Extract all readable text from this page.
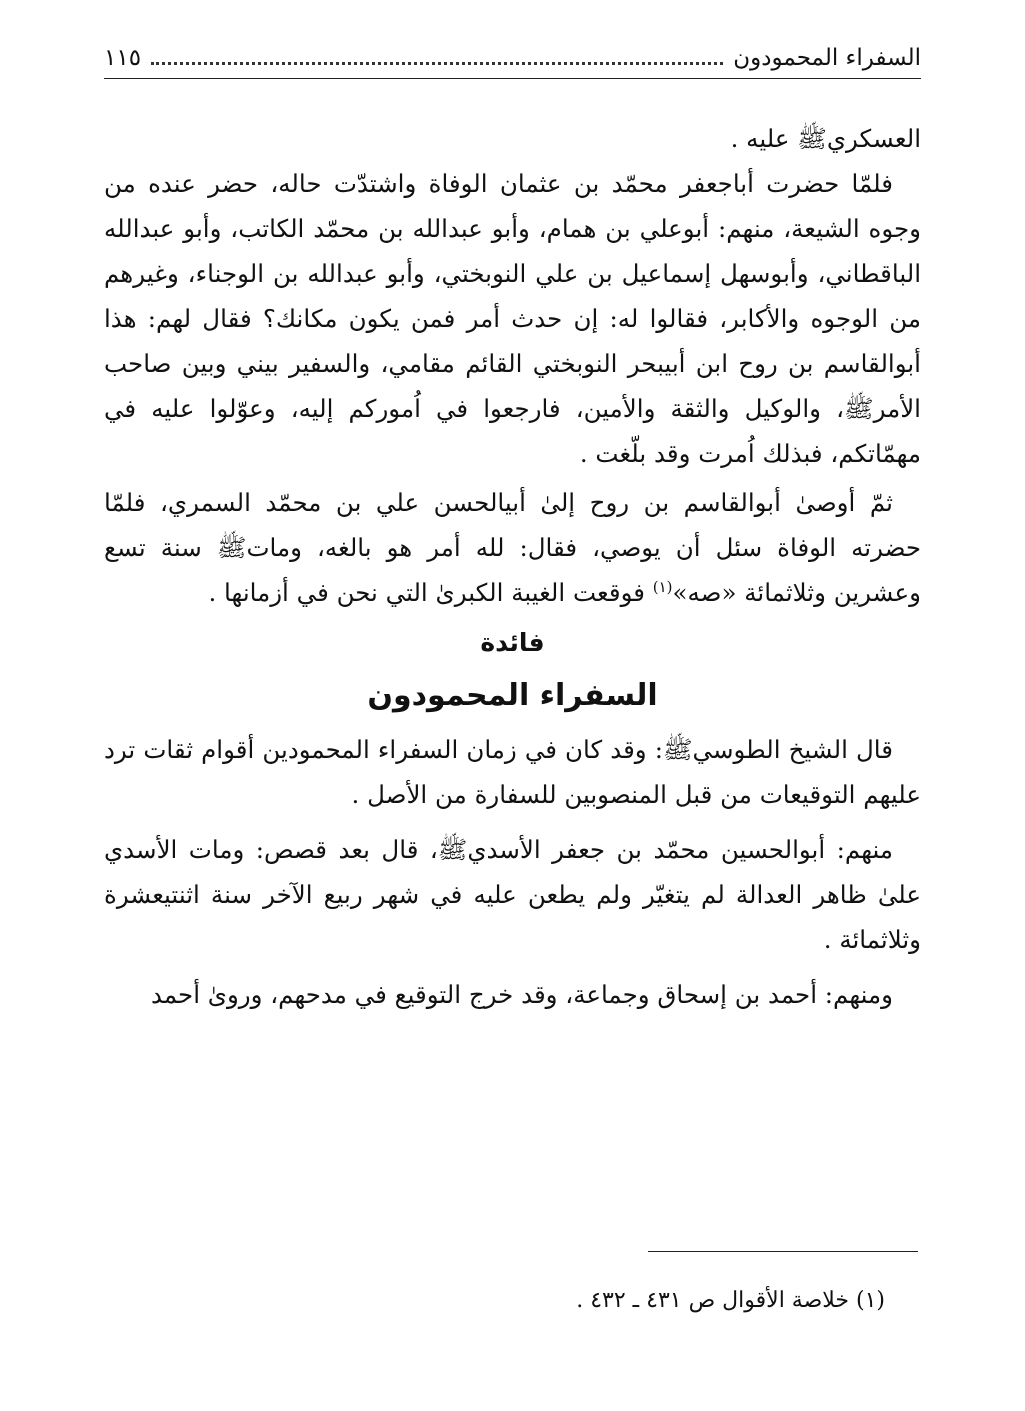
السفراء المحمودون
١١٥

العسكريﷺ عليه .

فلمّا حضرت أباجعفر محمّد بن عثمان الوفاة واشتدّت حاله، حضر عنده من وجوه الشيعة، منهم: أبوعلي بن همام، وأبو عبدالله بن محمّد الكاتب، وأبو عبدالله الباقطاني، وأبوسهل إسماعيل بن علي النوبختي، وأبو عبدالله بن الوجناء، وغيرهم من الوجوه والأكابر، فقالوا له: إن حدث أمر فمن يكون مكانك؟ فقال لهم: هذا أبوالقاسم بن روح ابن أبيبحر النوبختي القائم مقامي، والسفير بيني وبين صاحب الأمرﷺ، والوكيل والثقة والأمين، فارجعوا في اُموركم إليه، وعوّلوا عليه في مهمّاتكم، فبذلك اُمرت وقد بلّغت .

ثمّ أوصىٰ أبوالقاسم بن روح إلىٰ أبيالحسن علي بن محمّد السمري، فلمّا حضرته الوفاة سئل أن يوصي، فقال: لله أمر هو بالغه، وماتﷺ سنة تسع وعشرين وثلاثمائة «صه»$^{(١)}$ فوقعت الغيبة الكبرىٰ التي نحن في أزمانها .

فائدة

السفراء المحمودون

قال الشيخ الطوسيﷺ: وقد كان في زمان السفراء المحمودين أقوام ثقات ترد عليهم التوقيعات من قبل المنصوبين للسفارة من الأصل .

منهم: أبوالحسين محمّد بن جعفر الأسديﷺ، قال بعد قصص: ومات الأسدي علىٰ ظاهر العدالة لم يتغيّر ولم يطعن عليه في شهر ربيع الآخر سنة اثنتيعشرة وثلاثمائة .

ومنهم: أحمد بن إسحاق وجماعة، وقد خرج التوقيع في مدحهم، وروىٰ أحمد

(١) خلاصة الأقوال ص ٤٣١ ـ ٤٣٢ .
